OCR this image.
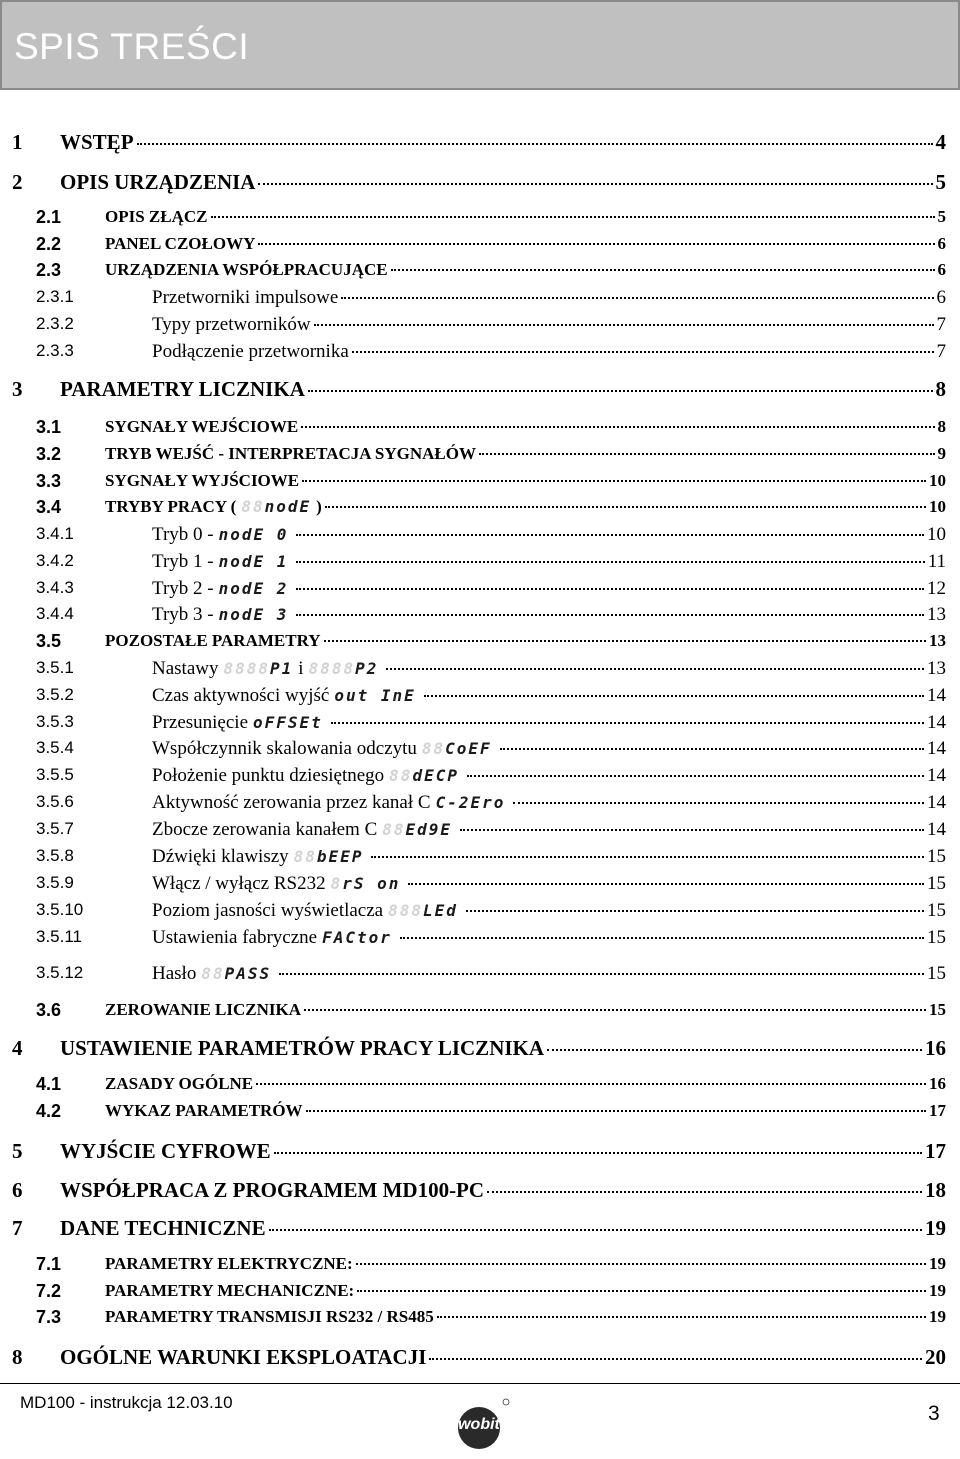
SPIS TREŚCI
1 WSTĘP	4
2 OPIS URZĄDZENIA	5
2.1	OPIS ZŁĄCZ	5
2.2	PANEL CZOŁOWY	6
2.3	URZĄDZENIA WSPÓŁPRACUJĄCE	6
2.3.1	Przetworniki impulsowe	6
2.3.2	Typy przetworników	7
2.3.3	Podłączenie przetwornika	7
3 PARAMETRY LICZNIKA	8
3.1	SYGNAŁY WEJŚCIOWE	8
3.2	TRYB WEJŚĆ - INTERPRETACJA SYGNAŁÓW	9
3.3	SYGNAŁY WYJŚCIOWE	10
3.4	TRYBY PRACY ( 88nodE )	10
3.4.1	Tryb 0 - nodE 0	10
3.4.2	Tryb 1 - nodE 1	11
3.4.3	Tryb 2 - nodE 2	12
3.4.4	Tryb 3 - nodE 3	13
3.5	POZOSTAŁE PARAMETRY	13
3.5.1	Nastawy 8888P1 i 8888P2	13
3.5.2	Czas aktywności wyjść out InE	14
3.5.3	Przesunięcie oFFSEt	14
3.5.4	Współczynnik skalowania odczytu 88CoEF	14
3.5.5	Położenie punktu dziesiętnego 88dECP	14
3.5.6	Aktywność zerowania przez kanał C C-2Ero	14
3.5.7	Zbocze zerowania kanałem C 88Ed9E	14
3.5.8	Dźwięki klawiszy 88bEEP	15
3.5.9	Włącz / wyłącz RS232 8rS on	15
3.5.10	Poziom jasności wyświetlacza 888LEd	15
3.5.11	Ustawienia fabryczne FACtor	15
3.5.12	Hasło 88PASS	15
3.6	ZEROWANIE LICZNIKA	15
4 USTAWIENIE PARAMETRÓW PRACY LICZNIKA	16
4.1	ZASADY OGÓLNE	16
4.2	WYKAZ PARAMETRÓW	17
5 WYJŚCIE CYFROWE	17
6 WSPÓŁPRACA Z PROGRAMEM MD100-PC	18
7 DANE TECHNICZNE	19
7.1	PARAMETRY ELEKTRYCZNE:	19
7.2	PARAMETRY MECHANICZNE:	19
7.3	PARAMETRY TRANSMISJI RS232 / RS485	19
8 OGÓLNE WARUNKI EKSPLOATACJI	20
MD100 - instrukcja 12.03.10	3
wobit
